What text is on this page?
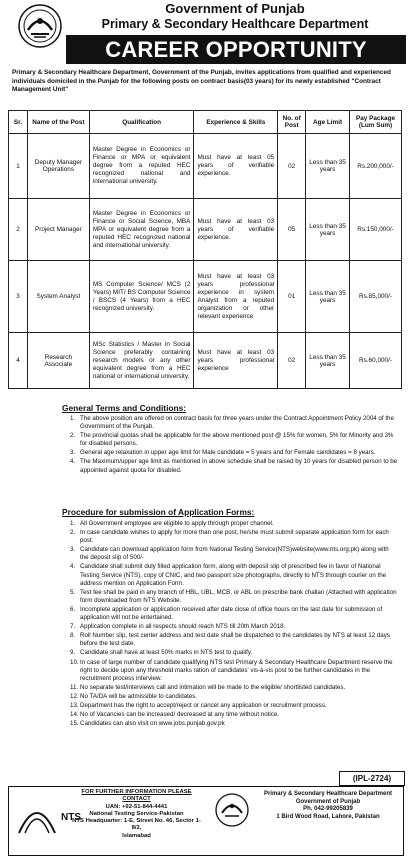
Government of Punjab
Primary & Secondary Healthcare Department
CAREER OPPORTUNITY
Primary & Secondary Healthcare Department, Government of the Punjab, invites applications from qualified and experienced individuals domiciled in the Punjab for the following posts on contract basis(03 years) for its newly established "Contract Management Unit"
Sr.	Name of the Post	Qualification	Experience & Skills	No. of Post	Age Limit	Pay Package (Lum Sum)
1	Deputy Manager Operations	Master Degree in Economics or Finance or MPA or equivalent degree from a reputed HEC recognized national and international university.	Must have at least 05 years of verifiable experience.	02	Less than 35 years	Rs.200,000/-
2	Project Manager	Master Degree in Economics or Finance or Social Science, MBA MPA or equivalent degree from a reputed HEC recognized national and international university.	Must have at least 03 years of verifiable experience.	05	Less than 35 years	Rs.150,000/-
3	System Analyst	MS Computer Science/ MCS (2 Years) MIT/ BS Computer Science / BSCS (4 Years) from a HEC recognized university.	Must have at least 03 years professional experience in system Analyst from a reputed organization or other relevant experience	01	Less than 35 years	Rs.85,000/-
4	Research Associate	MSc Statistics / Master in Social Science preferably containing research models or any other equivalent degree from a HEC national or international university.	Must have at least 03 years professional experience	02	Less than 35 years	Rs.60,000/-
General Terms and Conditions:
1. The above position are offered on contract basis for three years under the Contract Appointment Policy 2004 of the Government of the Punjab.
2. The provincial quotas shall be applicable for the above mentioned post @ 15% for women, 5% for Minority and 3% for disabled persons.
3. General age relaxation in upper age limit for Male candidate = 5 years and for Female candidates = 8 years.
4. The Maximum/upper age limit as mentioned in above schedule shall be raised by 10 years for disabled person to be appointed against quota for disabled.
Procedure for submission of Application Forms:
1. All Government employee are eligible to apply through proper channel.
2. In case candidate wishes to apply for more than one post, he/she must submit separate application form for each post.
3. Candidate can download application form from National Testing Service(NTS)website(www.nts.org.pk) along with the deposit slip of 500/-
4. Candidate shall submit duly filled application form, along with deposit slip of prescribed fee in favor of National Testing Service (NTS), copy of CNIC, and two passport size photographs, directly to NTS through courier on the address mention on Application Form.
5. Test fee shall be paid in any branch of HBL, UBL, MCB, or ABL on prescribe bank challan (Attached with application form downloaded from NTS Website.
6. Incomplete application or application received after date close of office hours on the last date for submission of application will not be entertained.
7. Application complete in all respects should reach NTS till 20th March 2018.
8. Roll Number slip, test center address and test date shall be dispatched to the candidates by NTS at least 12 days before the test date.
9. Candidate shall have at least 50% marks in NTS test to qualify.
10. In case of large number of candidate qualifying NTS test Primary & Secondary Healthcare Department reserve the right to decide upon any threshold marks ration of candidates' vis-à-vis post to be further candidates in the recruitment process interview.
11. No separate test/interviews call and intimation will be made to the eligible/ shortlisted candidates.
12. No TA/DA will be admissible to candidates.
13. Department has the right to accept/reject or cancel any application or recruitment process.
14. No of Vacancies can be increased/ decreased at any time without notice.
15. Candidates can also visit on www.jobs.punjab.gov.pk
(IPL-2724)
NTS
FOR FURTHER INFORMATION PLEASE CONTACT
UAN: +92-51-844-4441
National Testing Service-Pakistan
NTS Headquarter: 1-E, Street No. 46, Sector 1-8/2,
Islamabad
Primary & Secondary Healthcare Department
Government of Punjab
Ph. 042-99205839
1 Bird Wood Road, Lahore, Pakistan
